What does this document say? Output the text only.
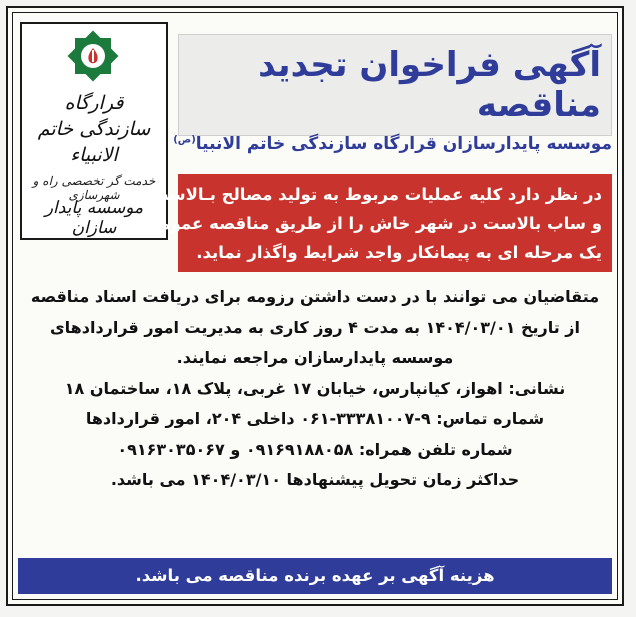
قرارگاه سازندگی خاتم الانبیاء
خدمت گر تخصصی راه و شهرسازی
موسسه پایدار سازان
آگهی فراخوان تجدید مناقصه
موسسه پایدارسازان قرارگاه سازندگی خاتم الانبیا$^{(ص)}$
در نظر دارد کلیه عملیات مربوط به تولید مصالح بـالاست
و ساب بالاست در شهر خاش را از طریق مناقصه عمومی
یک مرحله ای به پیمانکار واجد شرایط واگذار نماید.
متقاضیان می توانند با در دست داشتن رزومه برای دریافت اسناد مناقصه
از تاریخ ۱۴۰۴/۰۳/۰۱ به مدت ۴ روز کاری به مدیریت امور قراردادهای
موسسه پایدارسازان مراجعه نمایند.
نشانی: اهواز، کیانپارس، خیابان ۱۷ غربی، پلاک ۱۸، ساختمان ۱۸
شماره تماس: ۹-۳۳۳۸۱۰۰۷-۰۶۱ داخلی ۲۰۴، امور قراردادها
شماره تلفن همراه: ۰۹۱۶۹۱۸۸۰۵۸ و ۰۹۱۶۳۰۳۵۰۶۷
حداکثر زمان تحویل پیشنهادها ۱۴۰۴/۰۳/۱۰ می باشد.
هزینه آگهی بر عهده برنده مناقصه می باشد.
